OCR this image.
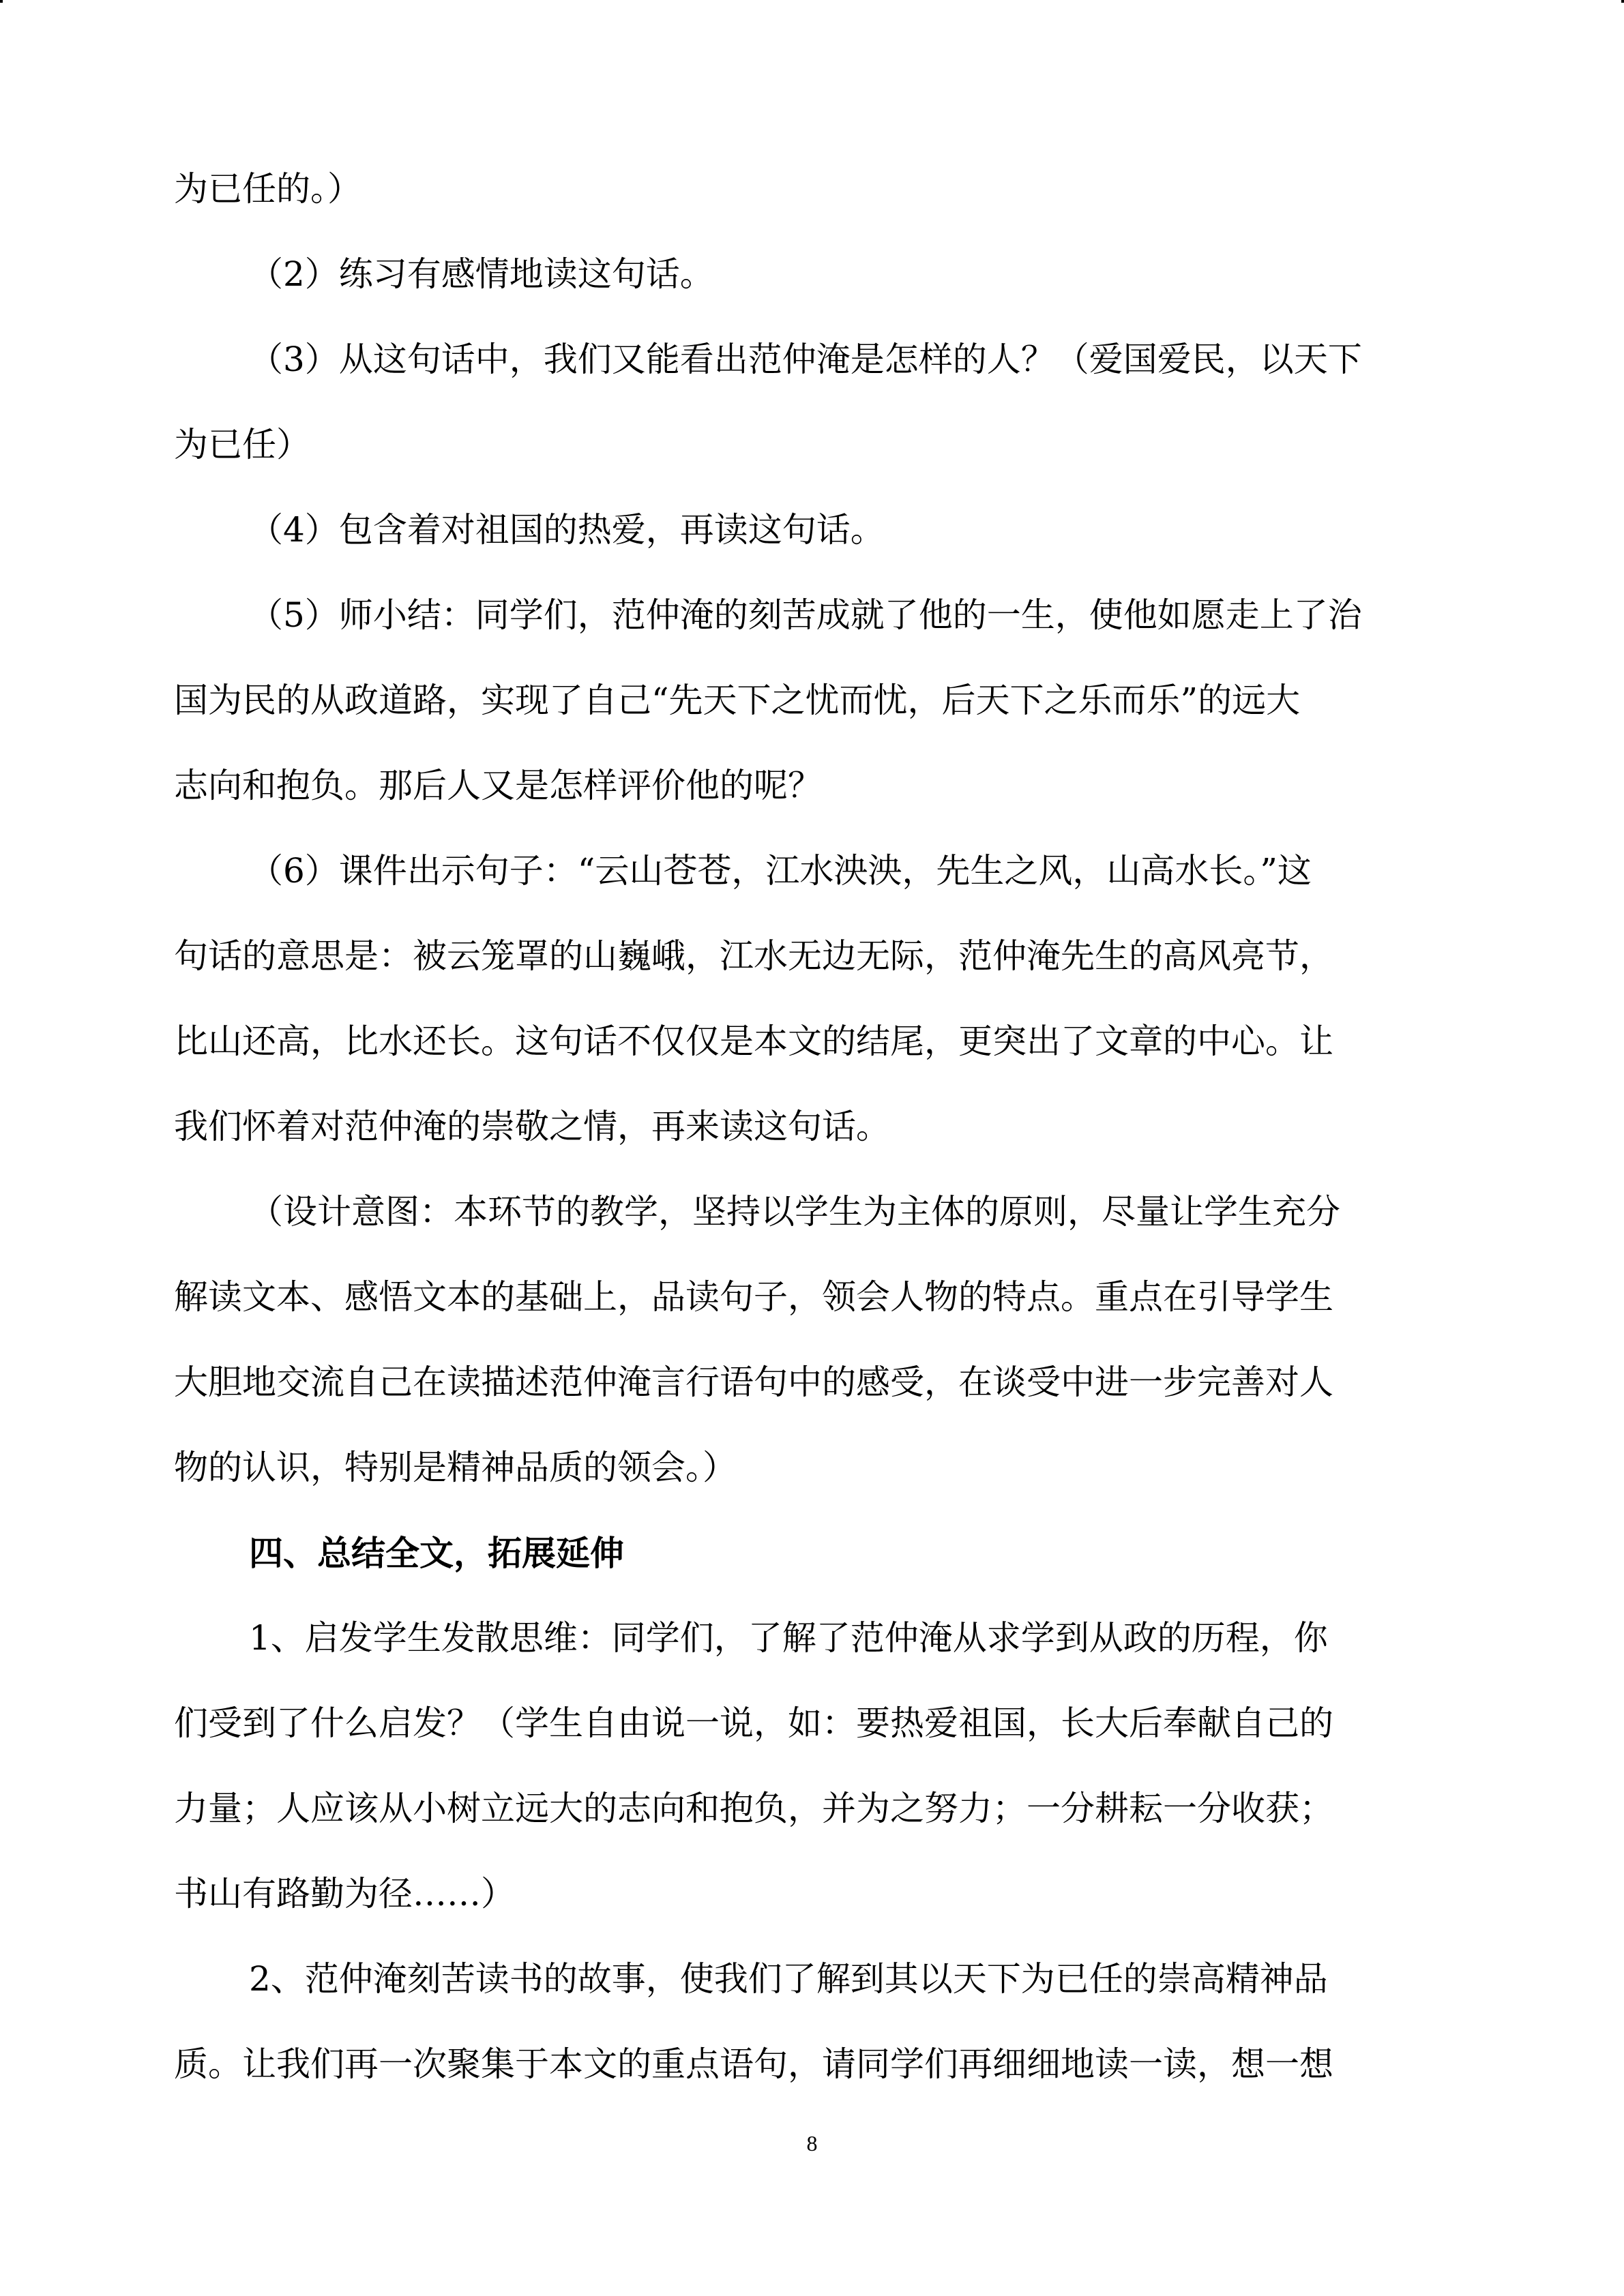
为已任的。）
（2）练习有感情地读这句话。
（3）从这句话中，我们又能看出范仲淹是怎样的人？（爱国爱民，以天下
为已任）
（4）包含着对祖国的热爱，再读这句话。
（5）师小结：同学们，范仲淹的刻苦成就了他的一生，使他如愿走上了治
国为民的从政道路，实现了自己“先天下之忧而忧，后天下之乐而乐”的远大
志向和抱负。那后人又是怎样评价他的呢？
（6）课件出示句子：“云山苍苍，江水泱泱，先生之风，山高水长。”这
句话的意思是：被云笼罩的山巍峨，江水无边无际，范仲淹先生的高风亮节，
比山还高，比水还长。这句话不仅仅是本文的结尾，更突出了文章的中心。让
我们怀着对范仲淹的崇敬之情，再来读这句话。
（设计意图：本环节的教学，坚持以学生为主体的原则，尽量让学生充分
解读文本、感悟文本的基础上，品读句子，领会人物的特点。重点在引导学生
大胆地交流自己在读描述范仲淹言行语句中的感受，在谈受中进一步完善对人
物的认识，特别是精神品质的领会。）
四、总结全文，拓展延伸
1、启发学生发散思维：同学们，了解了范仲淹从求学到从政的历程，你
们受到了什么启发？（学生自由说一说，如：要热爱祖国，长大后奉献自己的
力量；人应该从小树立远大的志向和抱负，并为之努力；一分耕耘一分收获；
书山有路勤为径……）
2、范仲淹刻苦读书的故事，使我们了解到其以天下为已任的崇高精神品
质。让我们再一次聚集于本文的重点语句，请同学们再细细地读一读，想一想
8
